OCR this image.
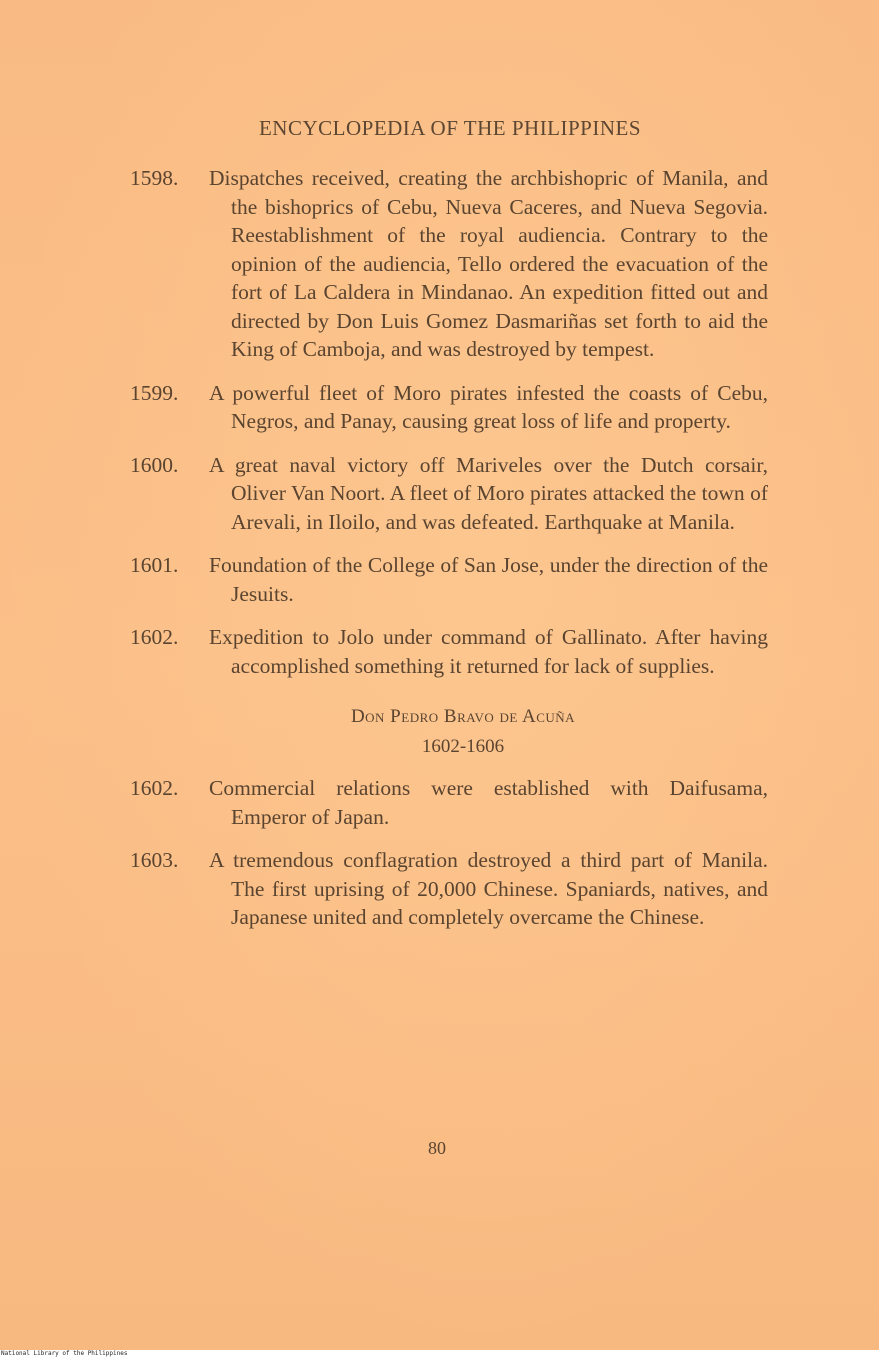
ENCYCLOPEDIA OF THE PHILIPPINES
1598. Dispatches received, creating the archbishopric of Manila, and the bishoprics of Cebu, Nueva Caceres, and Nueva Segovia. Reestablishment of the royal audiencia. Contrary to the opinion of the audiencia, Tello ordered the evacuation of the fort of La Caldera in Mindanao. An expedition fitted out and directed by Don Luis Gomez Dasmariñas set forth to aid the King of Camboja, and was destroyed by tempest.
1599. A powerful fleet of Moro pirates infested the coasts of Cebu, Negros, and Panay, causing great loss of life and property.
1600. A great naval victory off Mariveles over the Dutch corsair, Oliver Van Noort. A fleet of Moro pirates attacked the town of Arevali, in Iloilo, and was defeated. Earthquake at Manila.
1601. Foundation of the College of San Jose, under the direction of the Jesuits.
1602. Expedition to Jolo under command of Gallinato. After having accomplished something it returned for lack of supplies.
Don Pedro Bravo de Acuña
1602-1606
1602. Commercial relations were established with Daifusama, Emperor of Japan.
1603. A tremendous conflagration destroyed a third part of Manila. The first uprising of 20,000 Chinese. Spaniards, natives, and Japanese united and completely overcame the Chinese.
80
National Library of the Philippines
